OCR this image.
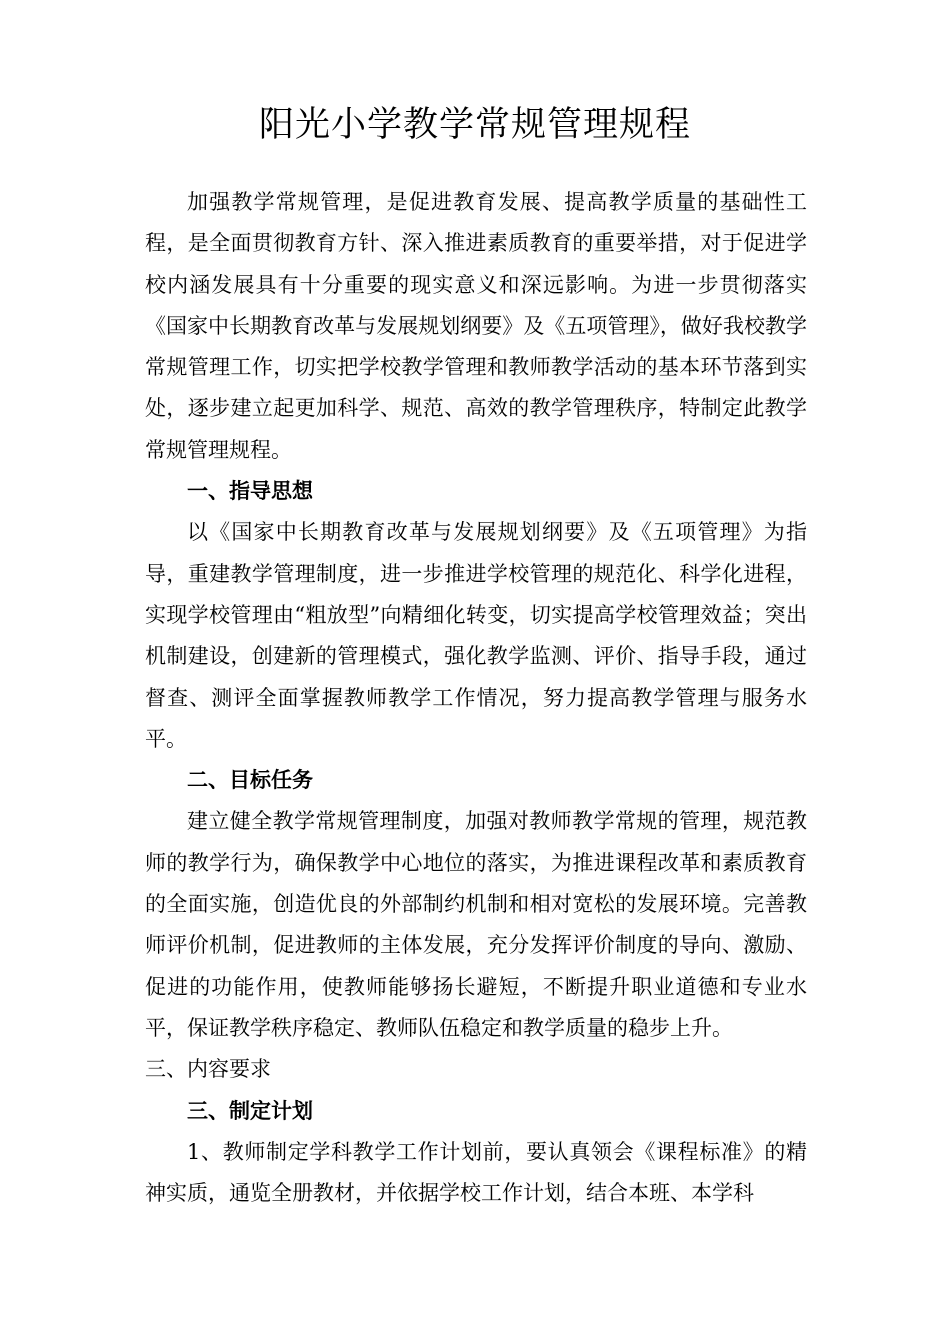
阳光小学教学常规管理规程

加强教学常规管理，是促进教育发展、提高教学质量的基础性工程，是全面贯彻教育方针、深入推进素质教育的重要举措，对于促进学校内涵发展具有十分重要的现实意义和深远影响。为进一步贯彻落实《国家中长期教育改革与发展规划纲要》及《五项管理》，做好我校教学常规管理工作，切实把学校教学管理和教师教学活动的基本环节落到实处，逐步建立起更加科学、规范、高效的教学管理秩序，特制定此教学常规管理规程。

一、指导思想

以《国家中长期教育改革与发展规划纲要》及《五项管理》为指导，重建教学管理制度，进一步推进学校管理的规范化、科学化进程，实现学校管理由“粗放型”向精细化转变，切实提高学校管理效益；突出机制建设，创建新的管理模式，强化教学监测、评价、指导手段，通过督查、测评全面掌握教师教学工作情况，努力提高教学管理与服务水平。

二、目标任务

建立健全教学常规管理制度，加强对教师教学常规的管理，规范教师的教学行为，确保教学中心地位的落实，为推进课程改革和素质教育的全面实施，创造优良的外部制约机制和相对宽松的发展环境。完善教师评价机制，促进教师的主体发展，充分发挥评价制度的导向、激励、促进的功能作用，使教师能够扬长避短，不断提升职业道德和专业水平，保证教学秩序稳定、教师队伍稳定和教学质量的稳步上升。

三、内容要求

三、制定计划

1、教师制定学科教学工作计划前，要认真领会《课程标准》的精神实质，通览全册教材，并依据学校工作计划，结合本班、本学科
